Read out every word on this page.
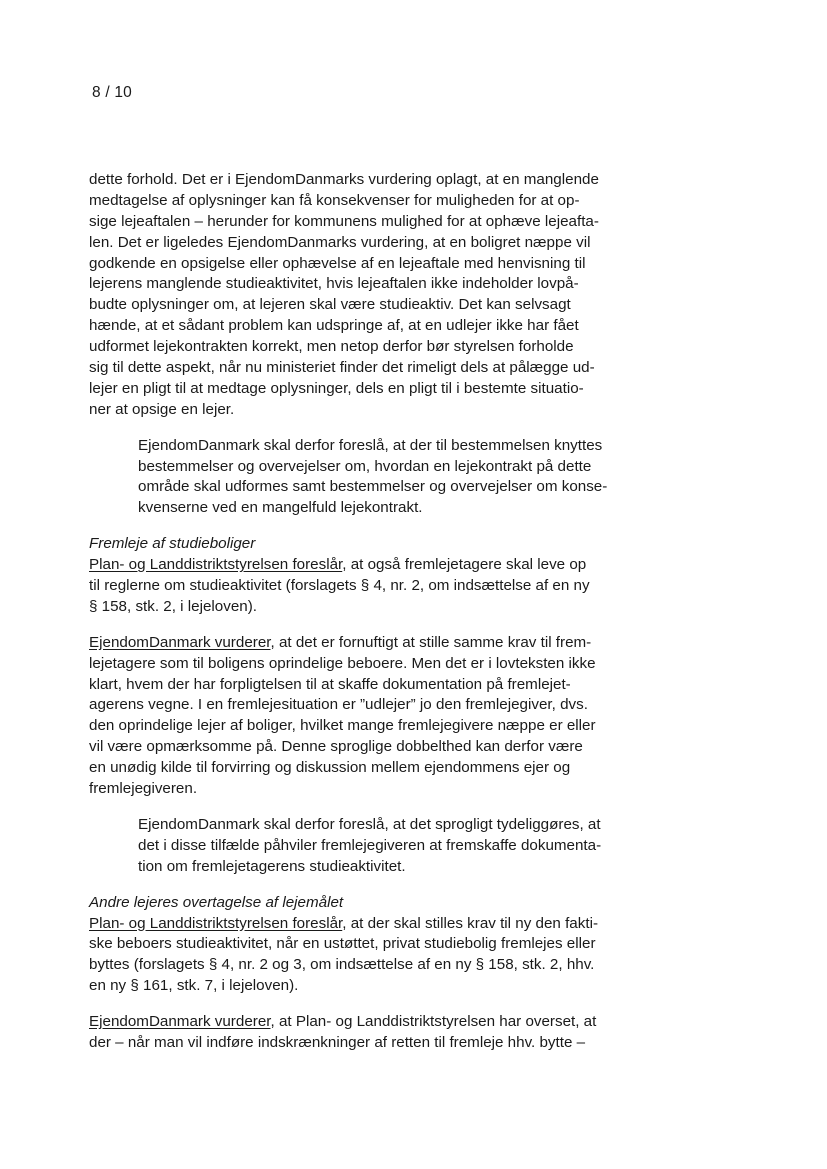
8 / 10
dette forhold. Det er i EjendomDanmarks vurdering oplagt, at en manglende
medtagelse af oplysninger kan få konsekvenser for muligheden for at op-
sige lejeaftalen – herunder for kommunens mulighed for at ophæve lejeafta-
len. Det er ligeledes EjendomDanmarks vurdering, at en boligret næppe vil
godkende en opsigelse eller ophævelse af en lejeaftale med henvisning til
lejerens manglende studieaktivitet, hvis lejeaftalen ikke indeholder lovpå-
budte oplysninger om, at lejeren skal være studieaktiv. Det kan selvsagt
hænde, at et sådant problem kan udspringe af, at en udlejer ikke har fået
udformet lejekontrakten korrekt, men netop derfor bør styrelsen forholde
sig til dette aspekt, når nu ministeriet finder det rimeligt dels at pålægge ud-
lejer en pligt til at medtage oplysninger, dels en pligt til i bestemte situatio-
ner at opsige en lejer.
EjendomDanmark skal derfor foreslå, at der til bestemmelsen knyttes
bestemmelser og overvejelser om, hvordan en lejekontrakt på dette
område skal udformes samt bestemmelser og overvejelser om konse-
kvenserne ved en mangelfuld lejekontrakt.
Fremleje af studieboliger
Plan- og Landdistriktstyrelsen foreslår, at også fremlejetagere skal leve op
til reglerne om studieaktivitet (forslagets § 4, nr. 2, om indsættelse af en ny
§ 158, stk. 2, i lejeloven).
EjendomDanmark vurderer, at det er fornuftigt at stille samme krav til frem-
lejetagere som til boligens oprindelige beboere. Men det er i lovteksten ikke
klart, hvem der har forpligtelsen til at skaffe dokumentation på fremlejet-
agerens vegne. I en fremlejesituation er ”udlejer” jo den fremlejegiver, dvs.
den oprindelige lejer af boliger, hvilket mange fremlejegivere næppe er eller
vil være opmærksomme på. Denne sproglige dobbelthed kan derfor være
en unødig kilde til forvirring og diskussion mellem ejendommens ejer og
fremlejegiveren.
EjendomDanmark skal derfor foreslå, at det sprogligt tydeliggøres, at
det i disse tilfælde påhviler fremlejegiveren at fremskaffe dokumenta-
tion om fremlejetagerens studieaktivitet.
Andre lejeres overtagelse af lejemålet
Plan- og Landdistriktstyrelsen foreslår, at der skal stilles krav til ny den fakti-
ske beboers studieaktivitet, når en ustøttet, privat studiebolig fremlejes eller
byttes (forslagets § 4, nr. 2 og 3, om indsættelse af en ny § 158, stk. 2, hhv.
en ny § 161, stk. 7, i lejeloven).
EjendomDanmark vurderer, at Plan- og Landdistriktstyrelsen har overset, at
der – når man vil indføre indskrænkninger af retten til fremleje hhv. bytte –
